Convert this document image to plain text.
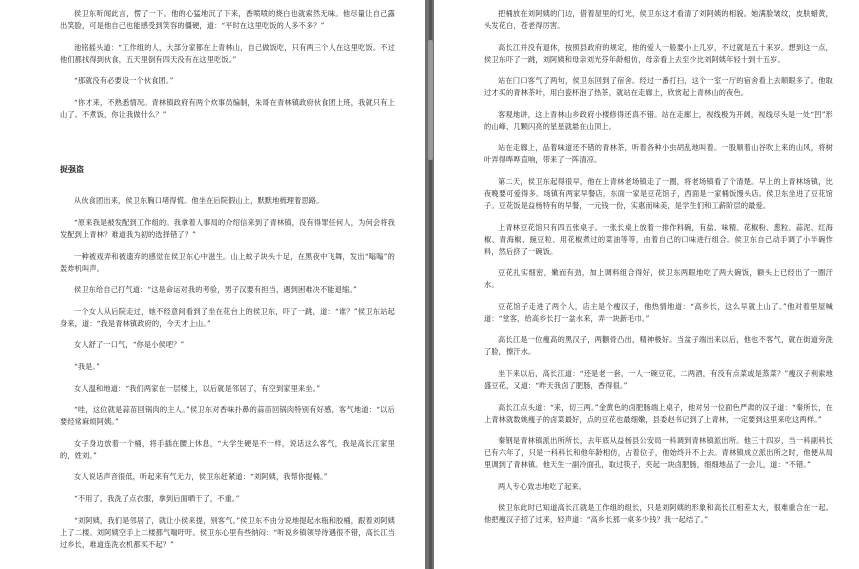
侯卫东听闻此言，愣了一下。他的心猛地沉了下来，香喷喷的烧白也就索然无味。他尽量让自己露出笑脸，可是他自己也能感受到笑容的僵硬，道：“平时在这里吃饭的人多不多？”

池铭摇头道：“工作组的人，大部分家都在上青林山，自己做饭吃，只有两三个人在这里吃饭。不过他们都找得到伙食，五天里倒有四天没有在这里吃饭。”

“那就没有必要设一个伙食团。”

“你才来，不熟悉情况。青林镇政府有两个炊事员编制，朱哥在青林镇政府伙食团上班，我就只有上山了。不煮饭，你让我做什么？”

捉强盗

从伙食团出来，侯卫东胸口堵得慌。他坐在后院假山上，默默地梳理着思路。

“原来我是被发配到工作组的。我拿着人事局的介绍信来到了青林镇，没有得罪任何人，为何会将我发配到上青林？难道我为初的选择错了？”

一种被戏弄和被遗弃的感觉在侯卫东心中滋生。山上蚊子块头十足，在黑夜中飞舞，发出“嗡嗡”的轰炸机叫声。

侯卫东给自己打气道：“这是命运对我的考验，男子汉要有担当，遇到困难决不能退缩。”

一个女人从后院走过，她不经意间看到了坐在花台上的侯卫东，吓了一跳，道：“谁？”侯卫东站起身来，道：“我是青林镇政府的，今天才上山。”

女人舒了一口气，“你是小侯吧？”

“我是。”

女人温和地道：“我们两家在一层楼上，以后就是邻居了，有空到家里来坐。”

“哇，这位就是蒜苗回锅肉的主人。”侯卫东对香味扑鼻的蒜苗回锅肉特别有好感，客气地道：“以后要经常麻烦阿姨。”

女子身边放着一个桶，将手插在腰上休息，“大学生硬是不一样，说话这么客气，我是高长江家里的，姓刘。”

女人说话声音很低，听起来有气无力，侯卫东赶紧道：“刘阿姨，我帮你提桶。”

“不用了，我洗了点衣服，拿到后面晒干了，不重。”

“刘阿姨，我们是邻居了，就让小侯来提，别客气。”侯卫东不由分说地提起水瓶和胶桶，跟着刘阿姨上了二楼。刘阿姨空手上二楼都气喘吁吁。侯卫东心里有些纳闷：“听说乡镇领导待遇很不错，高长江当过乡长，难道连洗衣机都买不起？”

把桶放在刘阿姨的门边，借着屋里的灯光，侯卫东这才看清了刘阿姨的相貌。她满脸皱纹，皮肤蜡黄，头发花白，苍老得厉害。

高长江并没有退休，按照县政府的规定，他的爱人一般要小上几岁，不过就是五十来岁。想到这一点，侯卫东吓了一跳，刘阿姨和母亲刘光芬年龄相仿，母亲看上去至少比刘阿姨年轻十到十五岁。

站在门口客气了两句，侯卫东回到了宿舍。经过一番打扫，这个一室一厅的宿舍看上去顺眼多了。他取过才买的青林茶叶，用白瓷杯泡了热茶，就站在走廊上，欣赏起上青林山的夜色。

客观地讲，这上青林山乡政府小楼修得还真不错。站在走廊上，视线极为开阔，视线尽头是一处“凹”形的山峰，几颗闪亮的星星就悬在山顶上。

站在走廊上，品着味道还不错的青林茶，听着各种小虫胡乱地叫着。一股顺着山谷吹上来的山风，将树叶弄得哗哗直响，带来了一阵清凉。

第二天，侯卫东起得很早，他在上青林老场镇走了一圈，将老场镇看了个清楚。早上的上青林场镇，比夜晚要可爱得多。场镇有两家早餐店，东面一家是豆花馆子，西面是一家桶饭馒头店。侯卫东坐进了豆花馆子。豆花饭是益杨特有的早餐，一元钱一份，实惠而味美，是学生们和工薪阶层的最爱。

上青林豆花馆只有四五张桌子。一张长桌上放着一排作料碗，有盐、味精、花椒粉、葱粒、蒜泥、红海椒、青海椒、豌豆粒、用花椒煮过的菜油等等，由着自己的口味进行组合。侯卫东自己动手调了小半碗作料，然后挤了一碗饭。

豆花扎实细密，嫩而有劲，加上调料组合得好，侯卫东两眼地吃了两大碗饭，额头上已经出了一圈汗水。

豆花馆子走进了两个人，店主是个瘦汉子，他热情地道：“高乡长，这么早就上山了。”他对着里屋喊道：“堂客，给高乡长打一盆水来，弄一块新毛巾。”

高长江是一位瘦高的黑汉子，两颧骨凸出，精神极好。当盆子端出来以后，他也不客气，就在街道旁洗了脸，擦汗水。

坐下来以后，高长江道：“还是老一套，一人一碗豆花，二两酒，有没有点菜或是蒸菜？”瘦汉子利索地盛豆花，又道：“昨天我卤了肥肠，香得很。”

高长江点头道：“来，切三两。”金黄色的卤肥肠端上桌子，他对另一位面色严肃的汉子道：“秦所长，在上青林就数姚瘦子的卤菜最好，点的豆花也最细嫩，县委赵书记到了上青林，一定要到这里来吃这两样。”

秦钢是青林镇派出所所长，去年底从益杨县公安局一科调到青林镇派出所。他三十四岁，当一科副科长已有六年了，只是一科科长和他年龄相仿，占着位子，他始终升不上去。青林镇成立派出所之时，他便从局里调到了青林镇。他天生一副冷面孔，取过筷子，夹起一块卤肥肠，细细地品了一会儿，道：“不错。”

两人专心致志地吃了起来。

侯卫东此时已知道高长江就是工作组的组长，只是刘阿姨的形象和高长江相差太大，很难重合在一起。他把瘦汉子招了过来，轻声道：“高乡长那一桌多少钱？我一起结了。”
